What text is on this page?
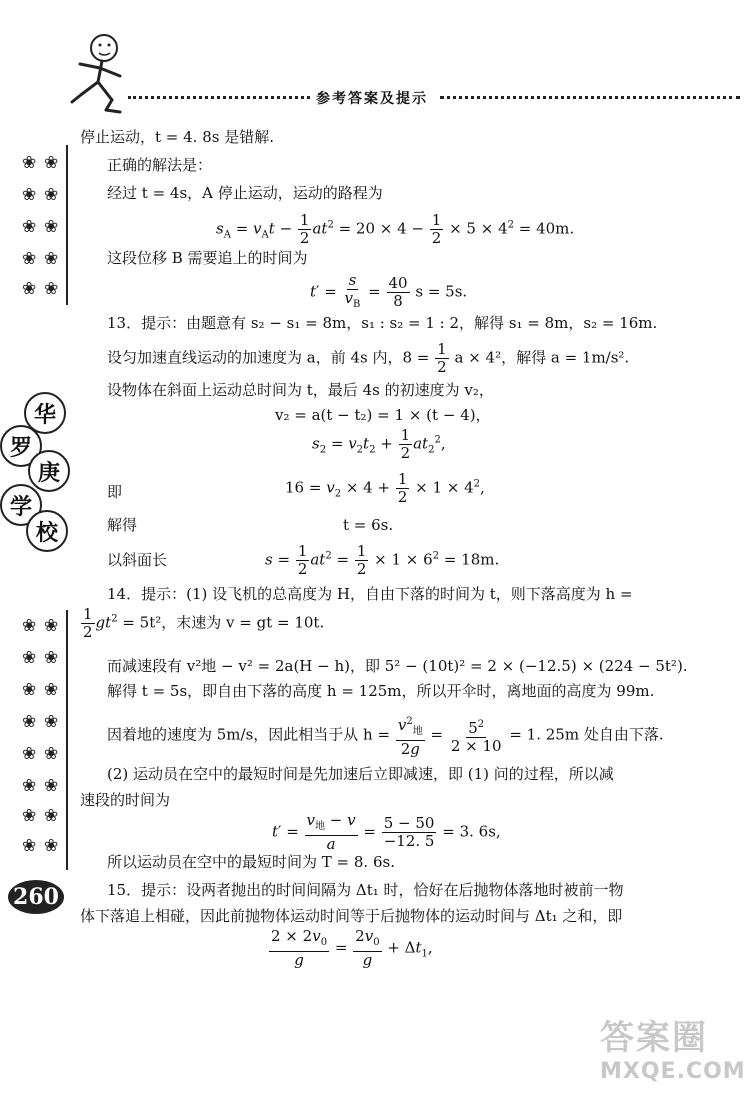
参考答案及提示
❀ ❀
❀ ❀
❀ ❀
❀ ❀
❀ ❀
华
罗
庚
学
校
❀ ❀
❀ ❀
❀ ❀
❀ ❀
❀ ❀
❀ ❀
❀ ❀
❀ ❀
260
停止运动，t = 4. 8s 是错解.
正确的解法是：
经过 t = 4s，A 停止运动，运动的路程为
$s_A = v_At - \frac{1}{2} at^2 = 20 \times 4 - \frac{1}{2} \times 5 \times 4^2 = 40m$.
这段位移 B 需要追上的时间为
$t' = \frac{s}{v_B} = \frac{40}{8}$ s = 5s.
13．提示：由题意有 s₂ − s₁ = 8m，s₁ : s₂ = 1 : 2，解得 s₁ = 8m，s₂ = 16m.
设匀加速直线运动的加速度为 a，前 4s 内，$8 = \frac{1}{2}$ a × 4²，解得 a = 1m/s².
设物体在斜面上运动总时间为 t，最后 4s 的初速度为 v₂，
v₂ = a(t − t₂) = 1 × (t − 4)，
$s_2 = v_2t_2 + \frac{1}{2} at_2^2$,
即	$16 = v_2 \times 4 + \frac{1}{2} \times 1 \times 4^2$,
解得	t = 6s.
以斜面长	$s = \frac{1}{2} at^2 = \frac{1}{2} \times 1 \times 6^2 = 18m$.
14．提示：(1) 设飞机的总高度为 H，自由下落的时间为 t，则下落高度为 h =
$\frac{1}{2} gt^2 = 5t^2$，末速为 v = gt = 10t.
而减速段有 v²地 − v² = 2a(H − h)，即 5² − (10t)² = 2 × (−12.5) × (224 − 5t²).
解得 t = 5s，即自由下落的高度 h = 125m，所以开伞时，离地面的高度为 99m.
因着地的速度为 5m/s，因此相当于从 $h = \frac{v^2_地}{2g} = \frac{5^2}{2 \times 10} = 1$. 25m 处自由下落.
(2) 运动员在空中的最短时间是先加速后立即减速，即 (1) 问的过程，所以减
速段的时间为
$t' = \frac{v_地 - v}{a} = \frac{5 - 50}{-12. 5} = 3$. 6s,
所以运动员在空中的最短时间为 T = 8. 6s.
15．提示：设两者抛出的时间间隔为 Δt₁ 时，恰好在后抛物体落地时被前一物
体下落追上相碰，因此前抛物体运动时间等于后抛物体的运动时间与 Δt₁ 之和，即
$\frac{2 \times 2v_0}{g} = \frac{2v_0}{g} + \Delta t_1$,
答案圈
MXQE.COM
